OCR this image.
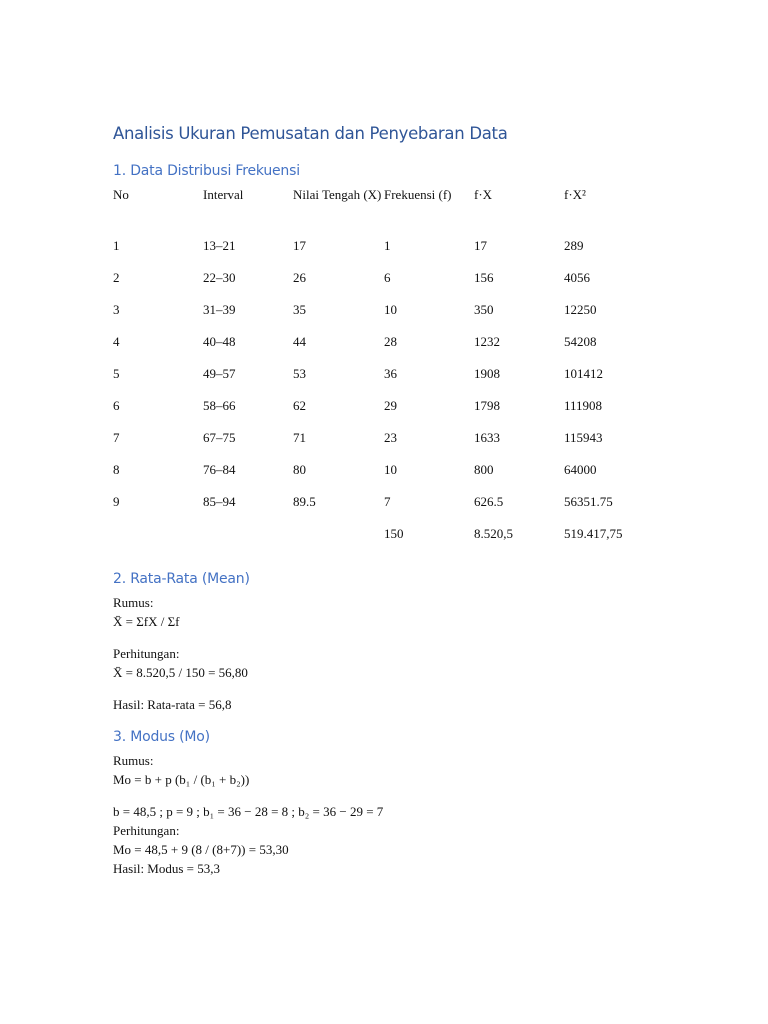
Analisis Ukuran Pemusatan dan Penyebaran Data
1. Data Distribusi Frekuensi
No	Interval	Nilai Tengah (X)	Frekuensi (f)	f·X	f·X²
1	13–21	17	1	17	289
2	22–30	26	6	156	4056
3	31–39	35	10	350	12250
4	40–48	44	28	1232	54208
5	49–57	53	36	1908	101412
6	58–66	62	29	1798	111908
7	67–75	71	23	1633	115943
8	76–84	80	10	800	64000
9	85–94	89.5	7	626.5	56351.75
			150	8.520,5	519.417,75
2. Rata-Rata (Mean)
Rumus:
X̄ = ΣfX / Σf
Perhitungan:
X̄ = 8.520,5 / 150 = 56,80
Hasil: Rata-rata = 56,8
3. Modus (Mo)
Rumus:
Mo = b + p (b₁ / (b₁ + b₂))
b = 48,5 ; p = 9 ; b₁ = 36 − 28 = 8 ; b₂ = 36 − 29 = 7
Perhitungan:
Mo = 48,5 + 9 (8 / (8+7)) = 53,30
Hasil: Modus = 53,3
